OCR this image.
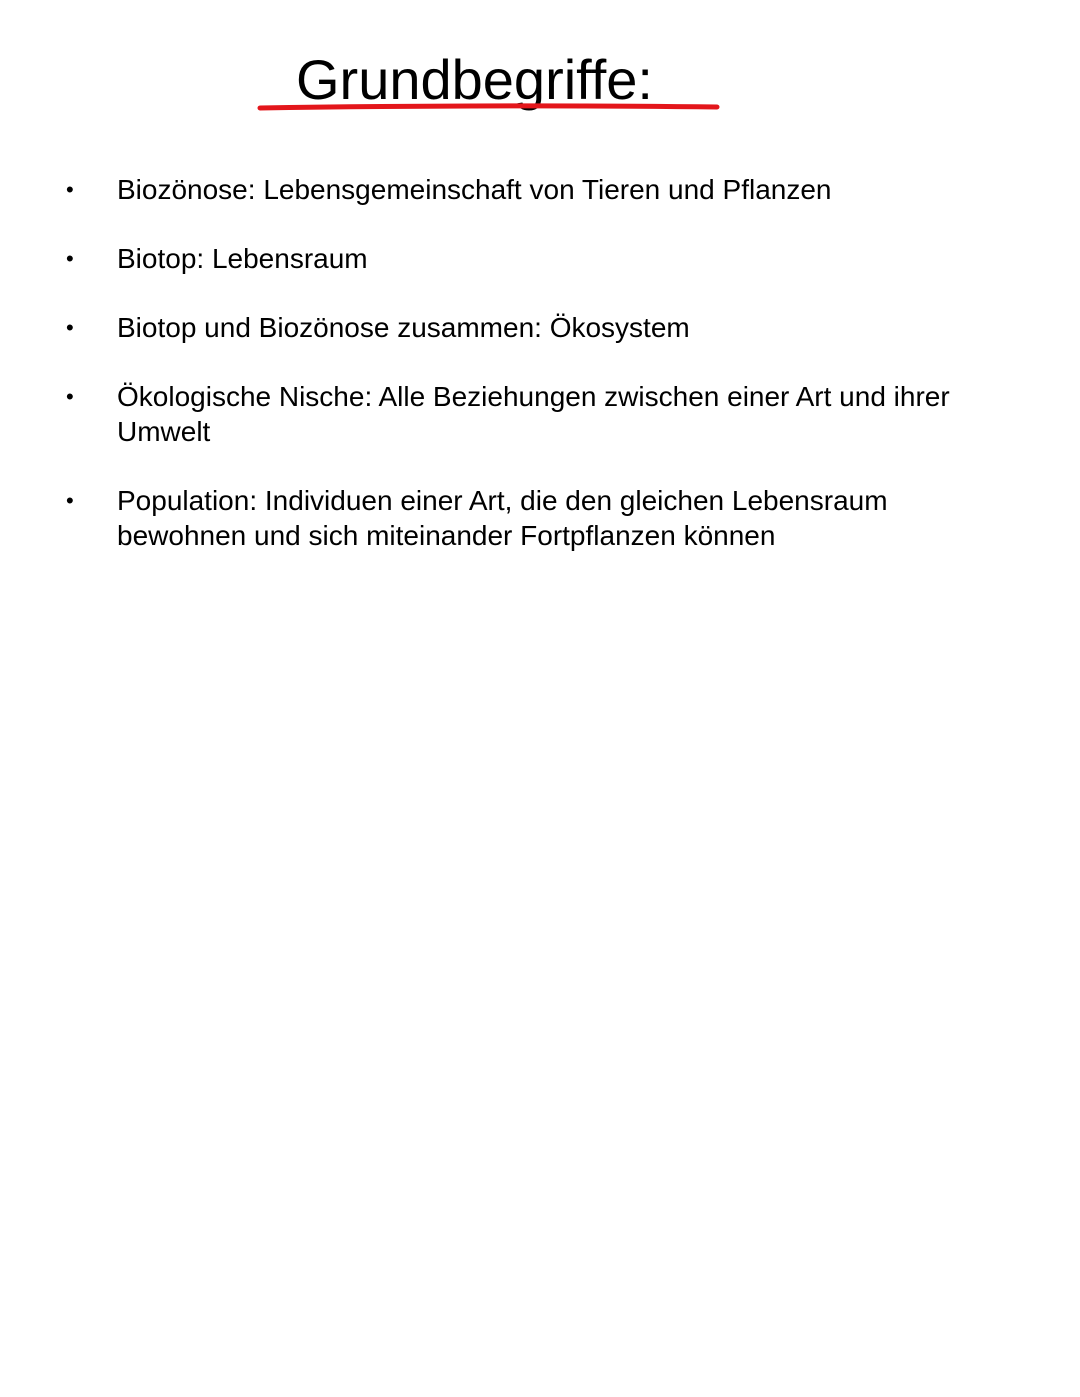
Grundbegriffe:
• Biozönose: Lebensgemeinschaft von Tieren und Pflanzen
• Biotop: Lebensraum
• Biotop und Biozönose zusammen: Ökosystem
• Ökologische Nische: Alle Beziehungen zwischen einer Art und ihrer Umwelt
• Population: Individuen einer Art, die den gleichen Lebensraum bewohnen und sich miteinander Fortpflanzen können
